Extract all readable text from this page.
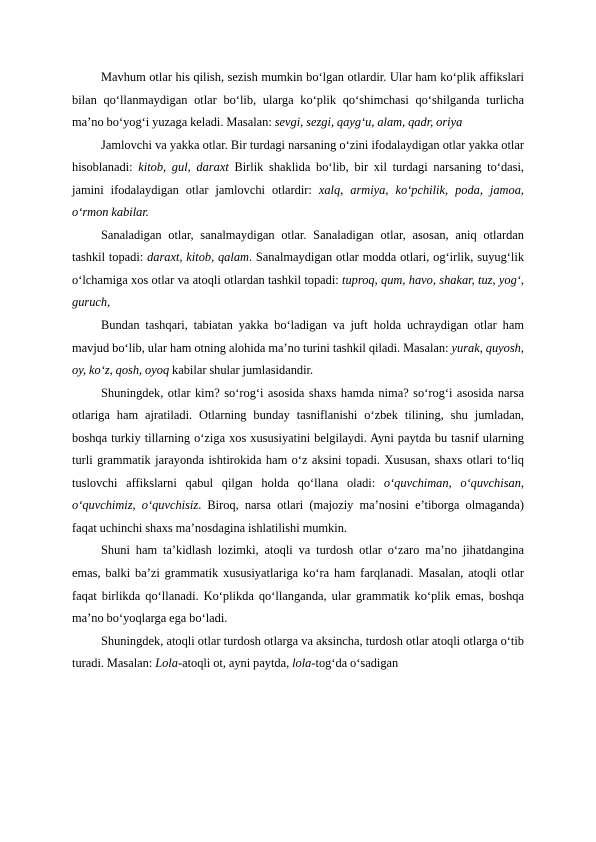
Mavhum otlar his qilish, sezish mumkin bo‘lgan otlardir. Ular ham ko‘plik affikslari bilan qo‘llanmaydigan otlar bo‘lib, ularga ko‘plik qo‘shimchasi qo‘shilganda turlicha ma’no bo‘yog‘i yuzaga keladi. Masalan: sevgi, sezgi, qayg‘u, alam, qadr, oriya

Jamlovchi va yakka otlar. Bir turdagi narsaning o‘zini ifodalaydigan otlar yakka otlar hisoblanadi: kitob, gul, daraxt Birlik shaklida bo‘lib, bir xil turdagi narsaning to‘dasi, jamini ifodalaydigan otlar jamlovchi otlardir: xalq, armiya, ko‘pchilik, poda, jamoa, o‘rmon kabilar.

Sanaladigan otlar, sanalmaydigan otlar. Sanaladigan otlar, asosan, aniq otlardan tashkil topadi: daraxt, kitob, qalam. Sanalmaydigan otlar modda otlari, og‘irlik, suyug‘lik o‘lchamiga xos otlar va atoqli otlardan tashkil topadi: tuproq, qum, havo, shakar, tuz, yog‘, guruch,

Bundan tashqari, tabiatan yakka bo‘ladigan va juft holda uchraydigan otlar ham mavjud bo‘lib, ular ham otning alohida ma’no turini tashkil qiladi. Masalan: yurak, quyosh, oy, ko‘z, qosh, oyoq kabilar shular jumlasidandir.

Shuningdek, otlar kim? so‘rog‘i asosida shaxs hamda nima? so‘rog‘i asosida narsa otlariga ham ajratiladi. Otlarning bunday tasniflanishi o‘zbek tilining, shu jumladan, boshqa turkiy tillarning o‘ziga xos xususiyatini belgilaydi. Ayni paytda bu tasnif ularning turli grammatik jarayonda ishtirokida ham o‘z aksini topadi. Xususan, shaxs otlari to‘liq tuslovchi affikslarni qabul qilgan holda qo‘llana oladi: o‘quvchiman, o‘quvchisan, o‘quvchimiz, o‘quvchisiz. Biroq, narsa otlari (majoziy ma’nosini e’tiborga olmaganda) faqat uchinchi shaxs ma’nosdagina ishlatilishi mumkin.

Shuni ham ta’kidlash lozimki, atoqli va turdosh otlar o‘zaro ma’no jihatdangina emas, balki ba’zi grammatik xususiyatlariga ko‘ra ham farqlanadi. Masalan, atoqli otlar faqat birlikda qo‘llanadi. Ko‘plikda qo‘llanganda, ular grammatik ko‘plik emas, boshqa ma’no bo‘yoqlarga ega bo‘ladi.

Shuningdek, atoqli otlar turdosh otlarga va aksincha, turdosh otlar atoqli otlarga o‘tib turadi. Masalan: Lola-atoqli ot, ayni paytda, lola-tog‘da o‘sadigan
